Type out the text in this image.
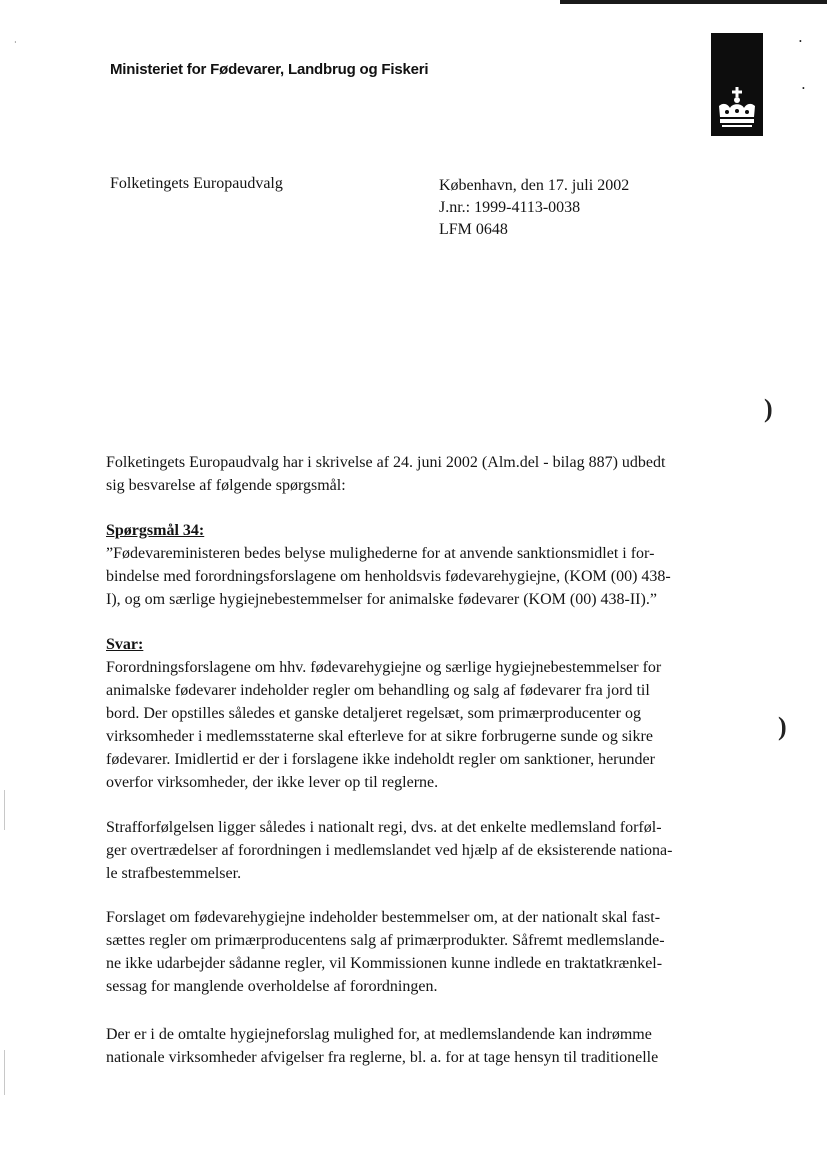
·	•
•
)
)
Ministeriet for Fødevarer, Landbrug og Fiskeri
Folketingets Europaudvalg	København, den 17. juli 2002
J.nr.: 1999-4113-0038
LFM 0648

Folketingets Europaudvalg har i skrivelse af 24. juni 2002 (Alm.del - bilag 887) udbedt

sig besvarelse af følgende spørgsmål:

Spørgsmål 34:

”Fødevareministeren bedes belyse mulighederne for at anvende sanktionsmidlet i for-

bindelse med forordningsforslagene om henholdsvis fødevarehygiejne, (KOM (00) 438-

I), og om særlige hygiejnebestemmelser for animalske fødevarer (KOM (00) 438-II).”

Svar:

Forordningsforslagene om hhv. fødevarehygiejne og særlige hygiejnebestemmelser for

animalske fødevarer indeholder regler om behandling og salg af fødevarer fra jord til

bord. Der opstilles således et ganske detaljeret regelsæt, som primærproducenter og

virksomheder i medlemsstaterne skal efterleve for at sikre forbrugerne sunde og sikre

fødevarer. Imidlertid er der i forslagene ikke indeholdt regler om sanktioner, herunder

overfor virksomheder, der ikke lever op til reglerne.

Strafforfølgelsen ligger således i nationalt regi, dvs. at det enkelte medlemsland forføl-

ger overtrædelser af forordningen i medlemslandet ved hjælp af de eksisterende nationa-

le strafbestemmelser.

Forslaget om fødevarehygiejne indeholder bestemmelser om, at der nationalt skal fast-

sættes regler om primærproducentens salg af primærprodukter. Såfremt medlemslande-

ne ikke udarbejder sådanne regler, vil Kommissionen kunne indlede en traktatkrænkel-

sessag for manglende overholdelse af forordningen.

Der er i de omtalte hygiejneforslag mulighed for, at medlemslandende kan indrømme

nationale virksomheder afvigelser fra reglerne, bl. a. for at tage hensyn til traditionelle
